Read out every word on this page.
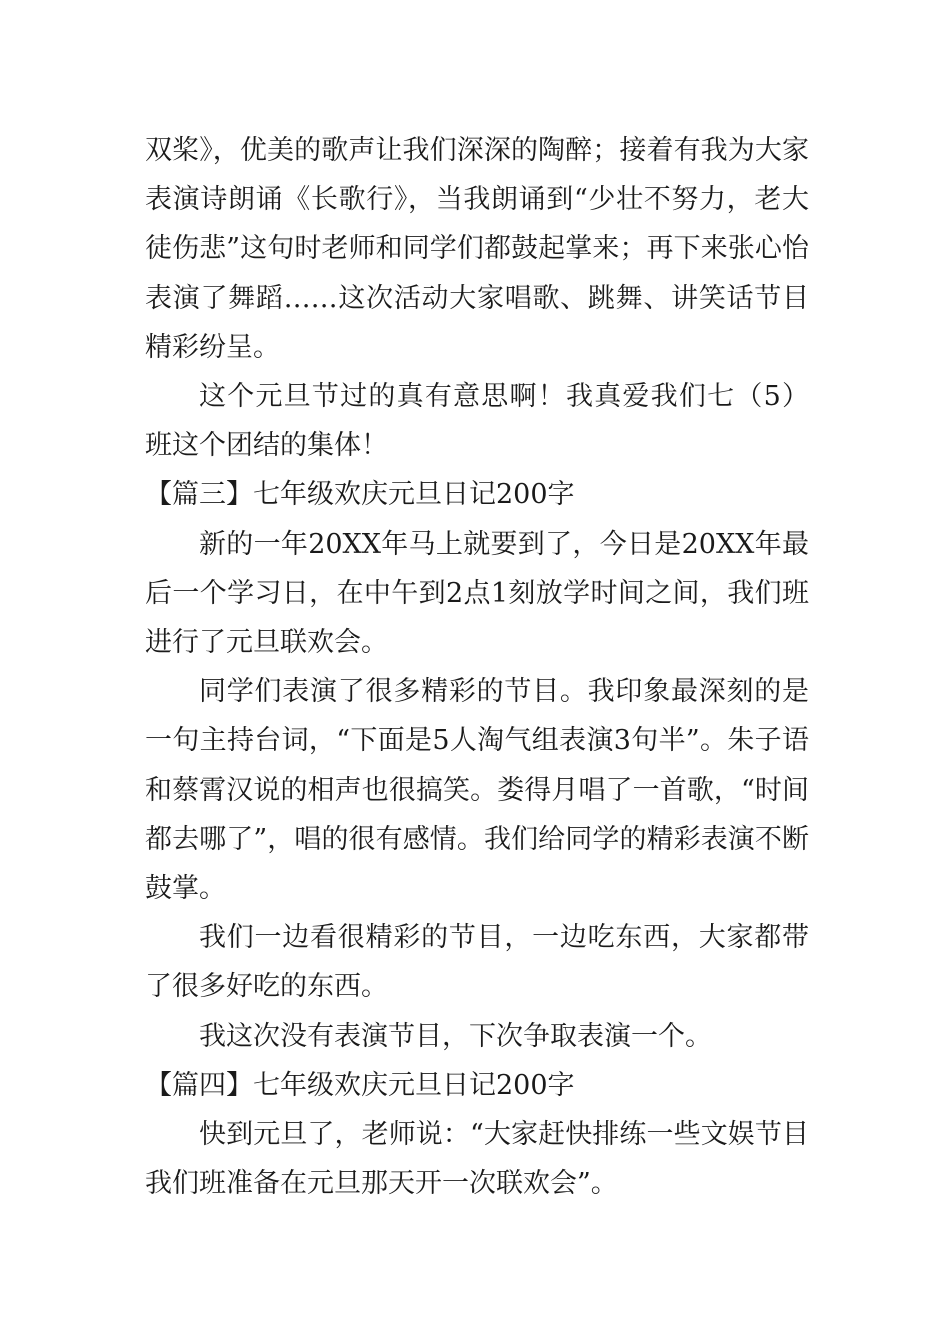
双桨》，优美的歌声让我们深深的陶醉；接着有我为大家表演诗朗诵《长歌行》，当我朗诵到“少壮不努力，老大徒伤悲”这句时老师和同学们都鼓起掌来；再下来张心怡表演了舞蹈……这次活动大家唱歌、跳舞、讲笑话节目精彩纷呈。

这个元旦节过的真有意思啊！我真爱我们七（5）班这个团结的集体！

【篇三】七年级欢庆元旦日记200字

新的一年20XX年马上就要到了，今日是20XX年最后一个学习日，在中午到2点1刻放学时间之间，我们班进行了元旦联欢会。

同学们表演了很多精彩的节目。我印象最深刻的是一句主持台词，“下面是5人淘气组表演3句半”。朱子语和蔡霄汉说的相声也很搞笑。娄得月唱了一首歌，“时间都去哪了”，唱的很有感情。我们给同学的精彩表演不断鼓掌。

我们一边看很精彩的节目，一边吃东西，大家都带了很多好吃的东西。

我这次没有表演节目，下次争取表演一个。

【篇四】七年级欢庆元旦日记200字

快到元旦了，老师说：“大家赶快排练一些文娱节目我们班准备在元旦那天开一次联欢会”。
